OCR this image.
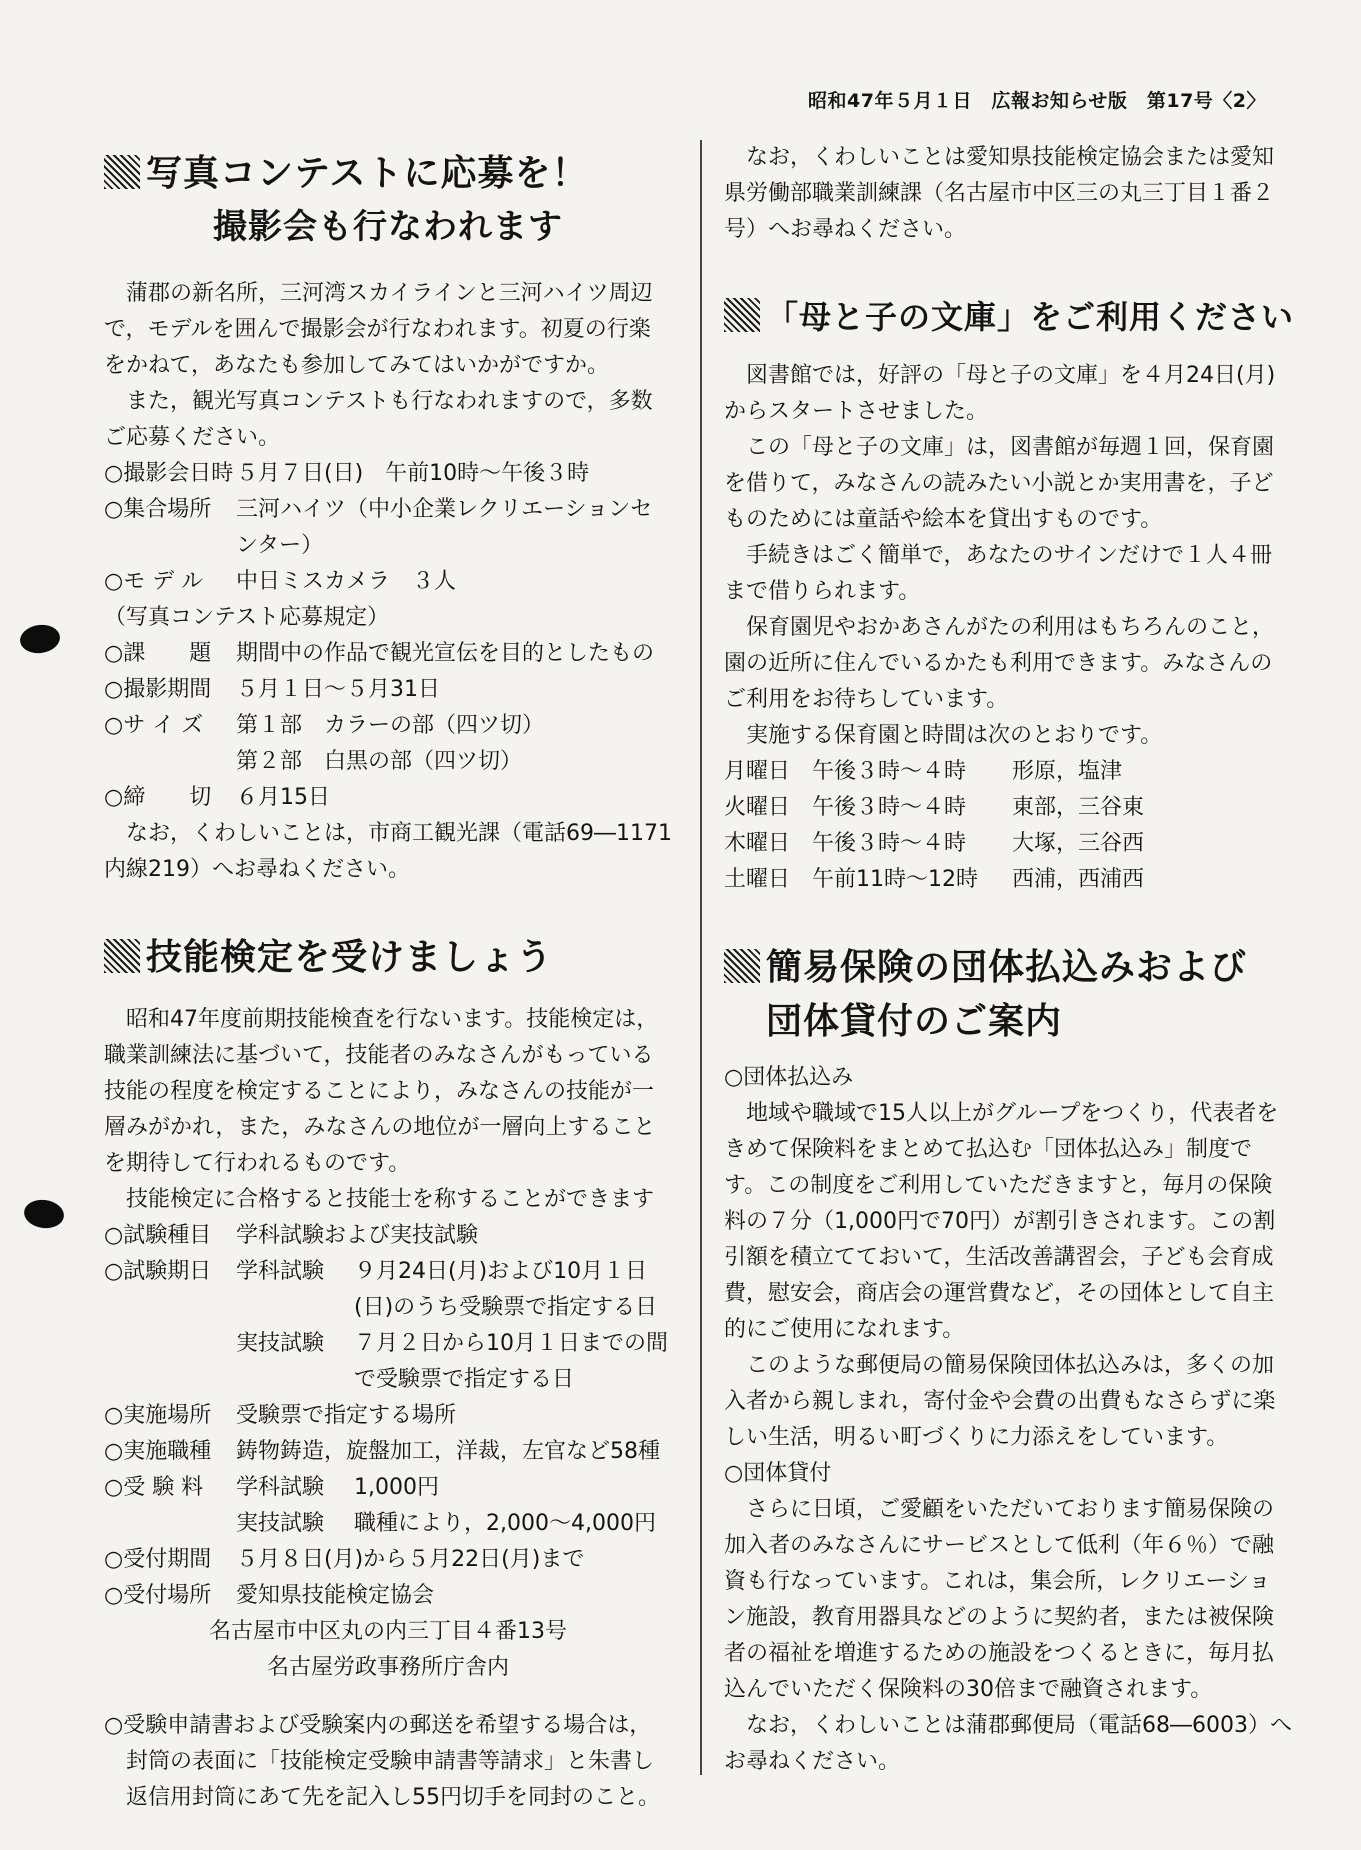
昭和47年５月１日　広報お知らせ版　第17号〈2〉
写真コンテストに応募を！
撮影会も行なわれます

蒲郡の新名所，三河湾スカイラインと三河ハイツ周辺で，モデルを囲んで撮影会が行なわれます。初夏の行楽をかねて，あなたも参加してみてはいかがですか。

また，観光写真コンテストも行なわれますので，多数ご応募ください。

○撮影会日時 ５月７日(日)　午前10時～午後３時
○集合場所	三河ハイツ（中小企業レクリエーションセンター）
○モ デ ル	中日ミスカメラ　３人

（写真コンテスト応募規定）

○課　　題	期間中の作品で観光宣伝を目的としたもの
○撮影期間	５月１日～５月31日
○サ イ ズ	第１部　カラーの部（四ツ切）
第２部　白黒の部（四ツ切）
○締　　切	６月15日

なお，くわしいことは，市商工観光課（電話69―1171内線219）へお尋ねください。

技能検定を受けましょう

昭和47年度前期技能検査を行ないます。技能検定は，職業訓練法に基づいて，技能者のみなさんがもっている技能の程度を検定することにより，みなさんの技能が一層みがかれ，また，みなさんの地位が一層向上することを期待して行われるものです。

技能検定に合格すると技能士を称することができます

○試験種目	学科試験および実技試験
○試験期日	学科試験	９月24日(月)および10月１日(日)のうち受験票で指定する日
実技試験	７月２日から10月１日までの間で受験票で指定する日
○実施場所	受験票で指定する場所
○実施職種	鋳物鋳造，旋盤加工，洋裁，左官など58種
○受 験 料	学科試験	1,000円
実技試験	職種により，2,000～4,000円
○受付期間	５月８日(月)から５月22日(月)まで
○受付場所	愛知県技能検定協会
名古屋市中区丸の内三丁目４番13号
名古屋労政事務所庁舎内

○受験申請書および受験案内の郵送を希望する場合は，封筒の表面に「技能検定受験申請書等請求」と朱書し返信用封筒にあて先を記入し55円切手を同封のこと。

なお，くわしいことは愛知県技能検定協会または愛知県労働部職業訓練課（名古屋市中区三の丸三丁目１番２号）へお尋ねください。

「母と子の文庫」をご利用ください

図書館では，好評の「母と子の文庫」を４月24日(月)からスタートさせました。

この「母と子の文庫」は，図書館が毎週１回，保育園を借りて，みなさんの読みたい小説とか実用書を，子どものためには童話や絵本を貸出すものです。

手続きはごく簡単で，あなたのサインだけで１人４冊まで借りられます。

保育園児やおかあさんがたの利用はもちろんのこと，園の近所に住んでいるかたも利用できます。みなさんのご利用をお待ちしています。

実施する保育園と時間は次のとおりです。

月曜日 午後３時～４時	形原，塩津
火曜日 午後３時～４時	東部，三谷東
木曜日 午後３時～４時	大塚，三谷西
土曜日 午前11時～12時	西浦，西浦西
簡易保険の団体払込みおよび
団体貸付のご案内

○団体払込み

地域や職域で15人以上がグループをつくり，代表者をきめて保険料をまとめて払込む「団体払込み」制度です。この制度をご利用していただきますと，毎月の保険料の７分（1,000円で70円）が割引きされます。この割引額を積立てておいて，生活改善講習会，子ども会育成費，慰安会，商店会の運営費など，その団体として自主的にご使用になれます。

このような郵便局の簡易保険団体払込みは，多くの加入者から親しまれ，寄付金や会費の出費もなさらずに楽しい生活，明るい町づくりに力添えをしています。

○団体貸付

さらに日頃，ご愛顧をいただいております簡易保険の加入者のみなさんにサービスとして低利（年６％）で融資も行なっています。これは，集会所，レクリエーション施設，教育用器具などのように契約者，または被保険者の福祉を増進するための施設をつくるときに，毎月払込んでいただく保険料の30倍まで融資されます。

なお，くわしいことは蒲郡郵便局（電話68―6003）へお尋ねください。
